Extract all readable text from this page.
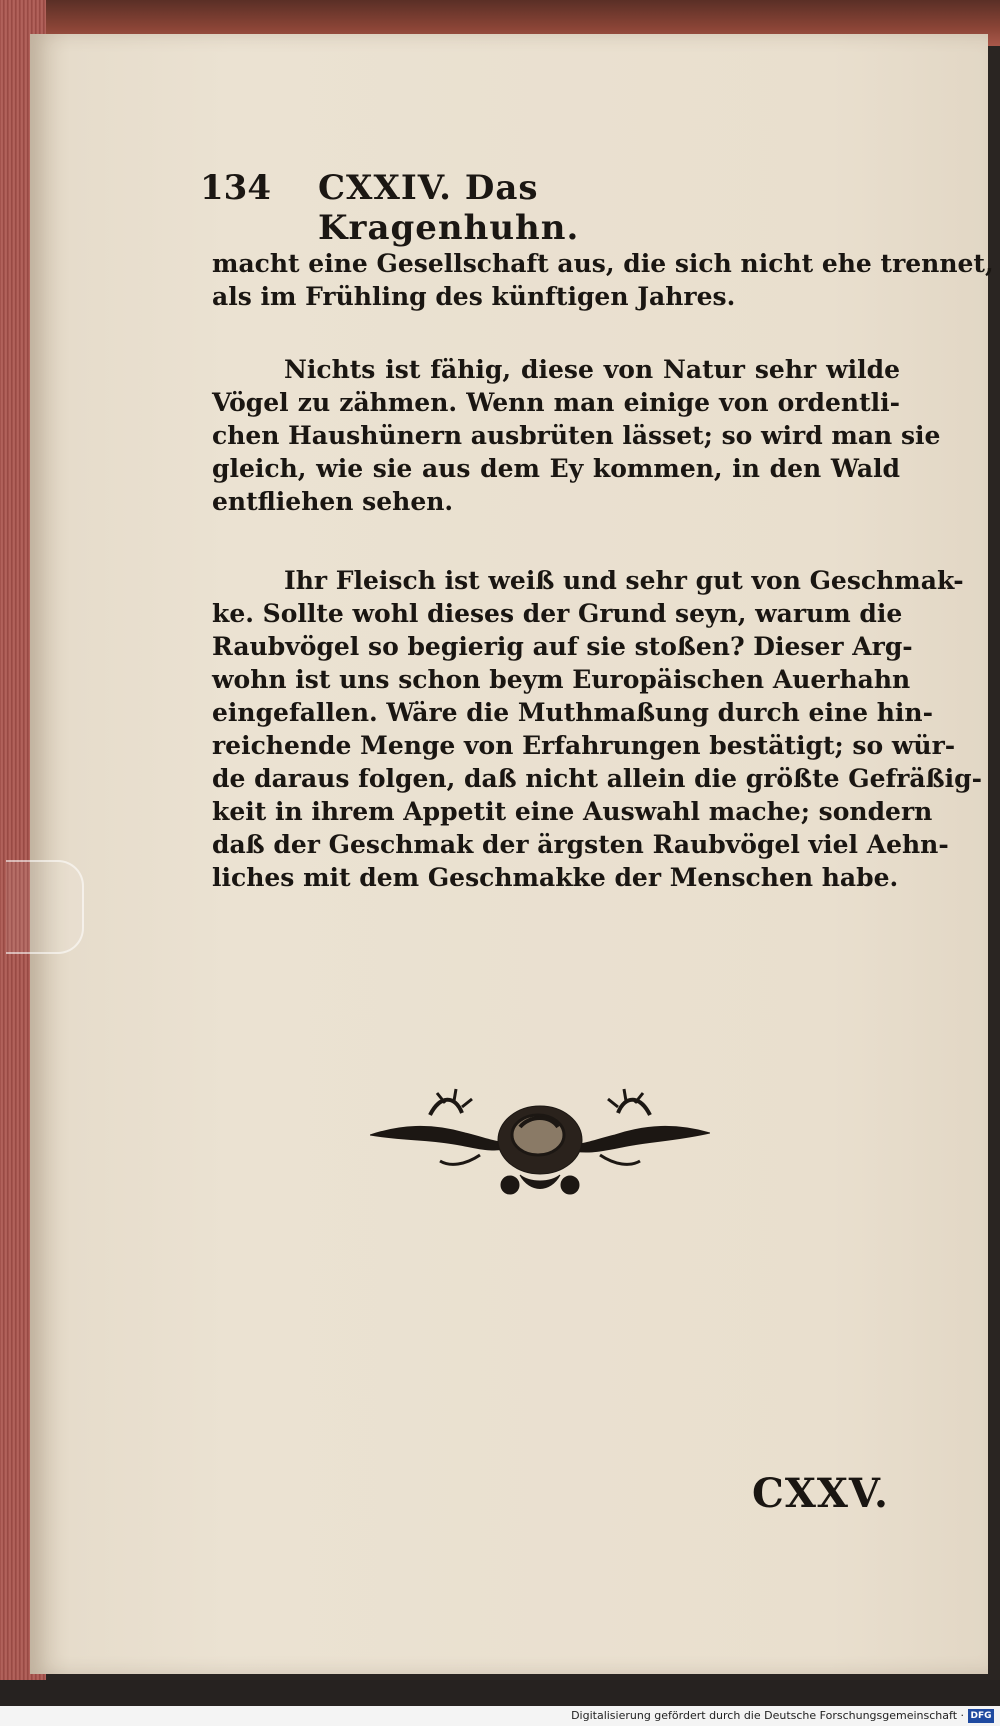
134 CXXIV. Das Kragenhuhn.
macht eine Gesellschaft aus, die sich nicht ehe trennet,
als im Frühling des künftigen Jahres.
Nichts ist fähig, diese von Natur sehr wilde
Vögel zu zähmen. Wenn man einige von ordentli-
chen Haushünern ausbrüten lässet; so wird man sie
gleich, wie sie aus dem Ey kommen, in den Wald
entfliehen sehen.
Ihr Fleisch ist weiß und sehr gut von Geschmak-
ke. Sollte wohl dieses der Grund seyn, warum die
Raubvögel so begierig auf sie stoßen? Dieser Arg-
wohn ist uns schon beym Europäischen Auerhahn
eingefallen. Wäre die Muthmaßung durch eine hin-
reichende Menge von Erfahrungen bestätigt; so wür-
de daraus folgen, daß nicht allein die größte Gefräßig-
keit in ihrem Appetit eine Auswahl mache; sondern
daß der Geschmak der ärgsten Raubvögel viel Aehn-
liches mit dem Geschmakke der Menschen habe.
CXXV.
Digitalisierung gefördert durch die Deutsche Forschungsgemeinschaft · DFG
